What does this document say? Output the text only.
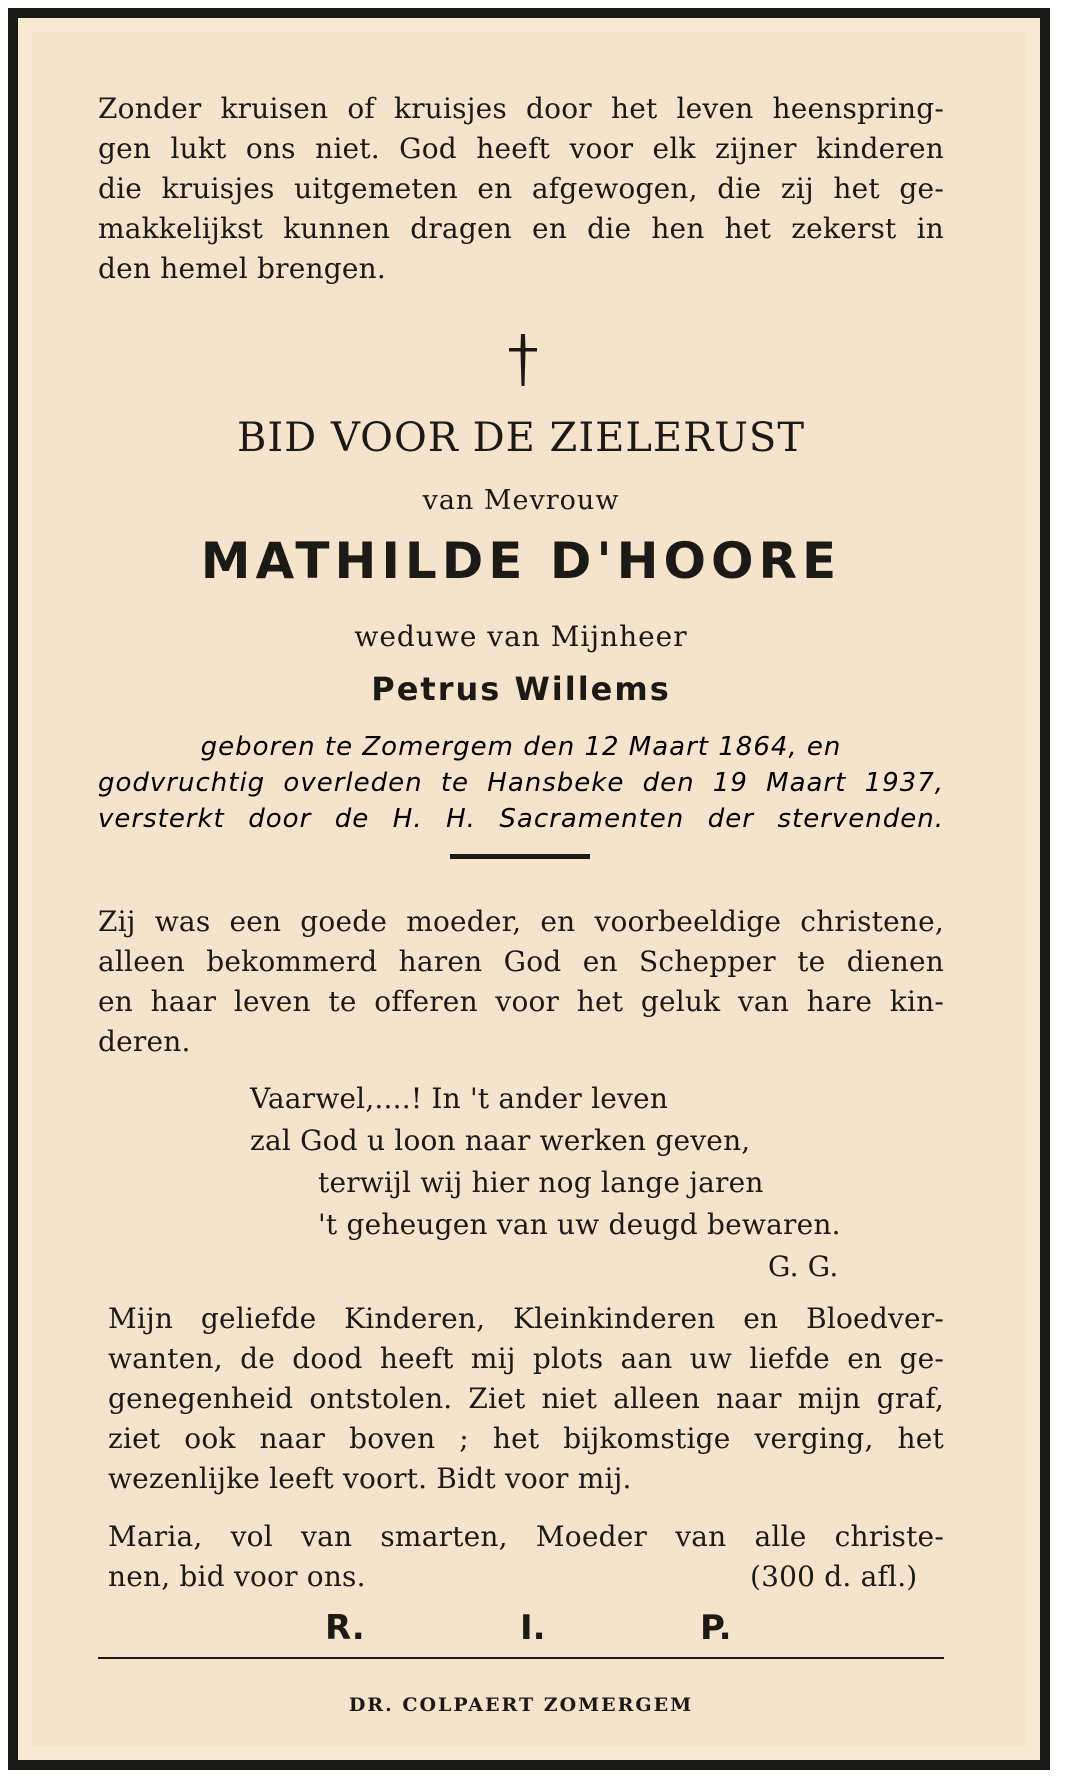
Zonder kruisen of kruisjes door het leven heenspring-
gen lukt ons niet. God heeft voor elk zijner kinderen
die kruisjes uitgemeten en afgewogen, die zij het ge-
makkelijkst kunnen dragen en die hen het zekerst in
den hemel brengen.
BID VOOR DE ZIELERUST
van Mevrouw
MATHILDE D'HOORE
weduwe van Mijnheer
Petrus Willems
geboren te Zomergem den 12 Maart 1864, en
godvruchtig overleden te Hansbeke den 19 Maart 1937,
versterkt door de H. H. Sacramenten der stervenden.
Zij was een goede moeder, en voorbeeldige christene,
alleen bekommerd haren God en Schepper te dienen
en haar leven te offeren voor het geluk van hare kin-
deren.
Vaarwel,....! In 't ander leven
zal God u loon naar werken geven,
terwijl wij hier nog lange jaren
't geheugen van uw deugd bewaren.
G. G.
Mijn geliefde Kinderen, Kleinkinderen en Bloedver-
wanten, de dood heeft mij plots aan uw liefde en ge-
genegenheid ontstolen. Ziet niet alleen naar mijn graf,
ziet ook naar boven ; het bijkomstige verging, het
wezenlijke leeft voort. Bidt voor mij.
Maria, vol van smarten, Moeder van alle christe-
nen, bid voor ons.	(300 d. afl.)
R.	I.	P.
DR. COLPAERT ZOMERGEM
